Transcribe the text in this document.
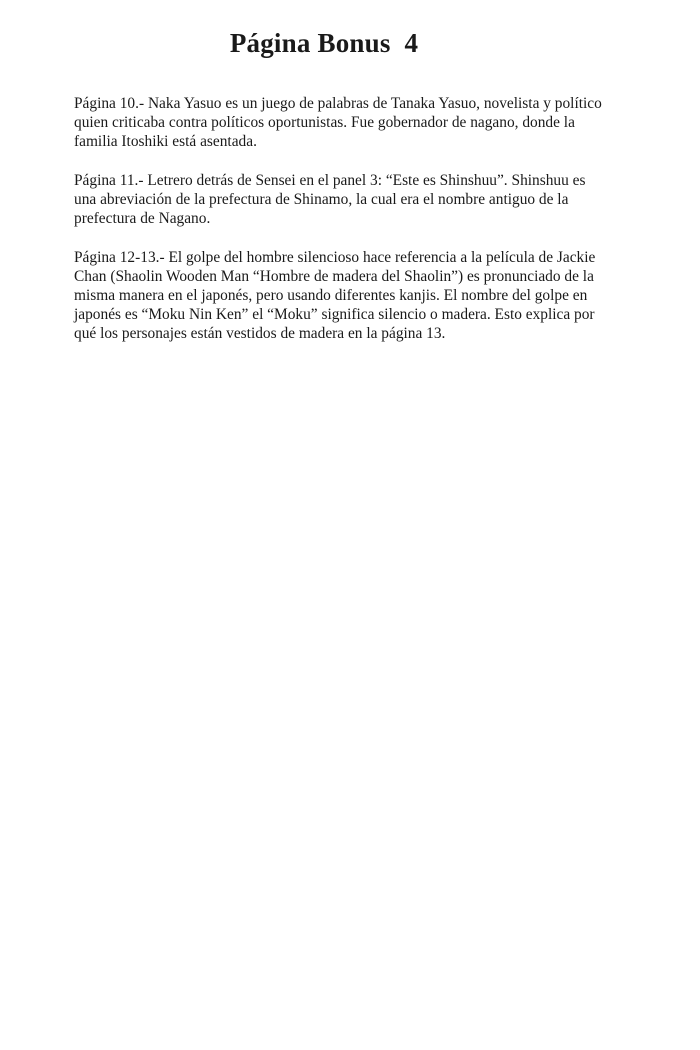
Página Bonus  4

Página 10.- Naka Yasuo es un juego de palabras de Tanaka Yasuo, novelista y político
quien criticaba contra políticos oportunistas. Fue gobernador de nagano, donde la
familia Itoshiki está asentada.

Página 11.- Letrero detrás de Sensei en el panel 3: “Este es Shinshuu”. Shinshuu es
una abreviación de la prefectura de Shinamo, la cual era el nombre antiguo de la
prefectura de Nagano.

Página 12-13.- El golpe del hombre silencioso hace referencia a la película de Jackie
Chan (Shaolin Wooden Man “Hombre de madera del Shaolin”) es pronunciado de la
misma manera en el japonés, pero usando diferentes kanjis. El nombre del golpe en
japonés es “Moku Nin Ken” el “Moku” significa silencio o madera. Esto explica por
qué los personajes están vestidos de madera en la página 13.
